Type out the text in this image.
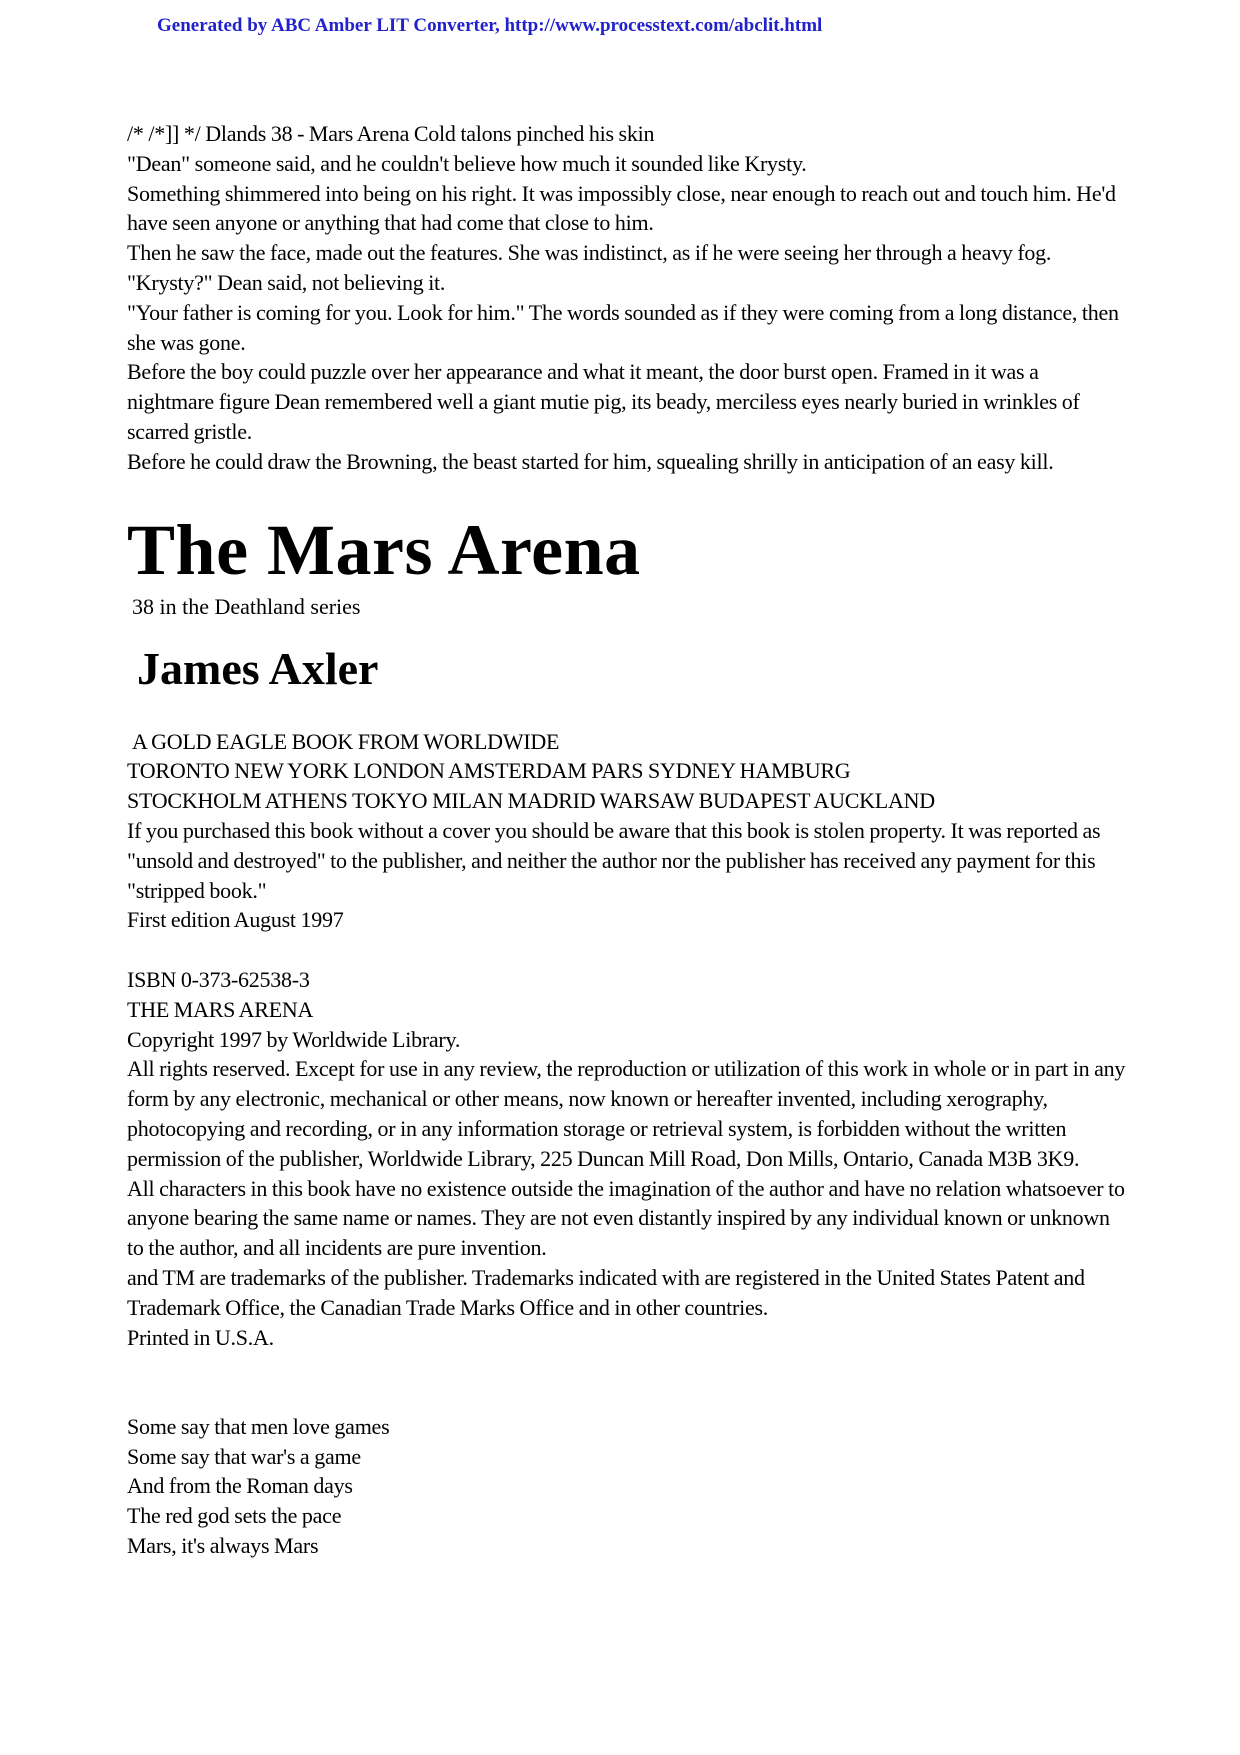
Generated by ABC Amber LIT Converter, http://www.processtext.com/abclit.html

/* /*]] */ Dlands 38 - Mars Arena Cold talons pinched his skin

"Dean" someone said, and he couldn't believe how much it sounded like Krysty.

Something shimmered into being on his right. It was impossibly close, near enough to reach out and touch him. He'd have seen anyone or anything that had come that close to him.

Then he saw the face, made out the features. She was indistinct, as if he were seeing her through a heavy fog. "Krysty?" Dean said, not believing it.

"Your father is coming for you. Look for him." The words sounded as if they were coming from a long distance, then she was gone.

Before the boy could puzzle over her appearance and what it meant, the door burst open. Framed in it was a nightmare figure Dean remembered well a giant mutie pig, its beady, merciless eyes nearly buried in wrinkles of scarred gristle.

Before he could draw the Browning, the beast started for him, squealing shrilly in anticipation of an easy kill.

The Mars Arena

38 in the Deathland series

James Axler

A GOLD EAGLE BOOK FROM WORLDWIDE

TORONTO NEW YORK LONDON AMSTERDAM PARS SYDNEY HAMBURG

STOCKHOLM ATHENS TOKYO MILAN MADRID WARSAW BUDAPEST AUCKLAND

If you purchased this book without a cover you should be aware that this book is stolen property. It was reported as "unsold and destroyed" to the publisher, and neither the author nor the publisher has received any payment for this "stripped book."

First edition August 1997

ISBN 0-373-62538-3

THE MARS ARENA

Copyright 1997 by Worldwide Library.

All rights reserved. Except for use in any review, the reproduction or utilization of this work in whole or in part in any form by any electronic, mechanical or other means, now known or hereafter invented, including xerography, photocopying and recording, or in any information storage or retrieval system, is forbidden without the written permission of the publisher, Worldwide Library, 225 Duncan Mill Road, Don Mills, Ontario, Canada M3B 3K9.

All characters in this book have no existence outside the imagination of the author and have no relation whatsoever to anyone bearing the same name or names. They are not even distantly inspired by any individual known or unknown to the author, and all incidents are pure invention.

and TM are trademarks of the publisher. Trademarks indicated with are registered in the United States Patent and Trademark Office, the Canadian Trade Marks Office and in other countries.

Printed in U.S.A.

Some say that men love games

Some say that war's a game

And from the Roman days

The red god sets the pace

Mars, it's always Mars
